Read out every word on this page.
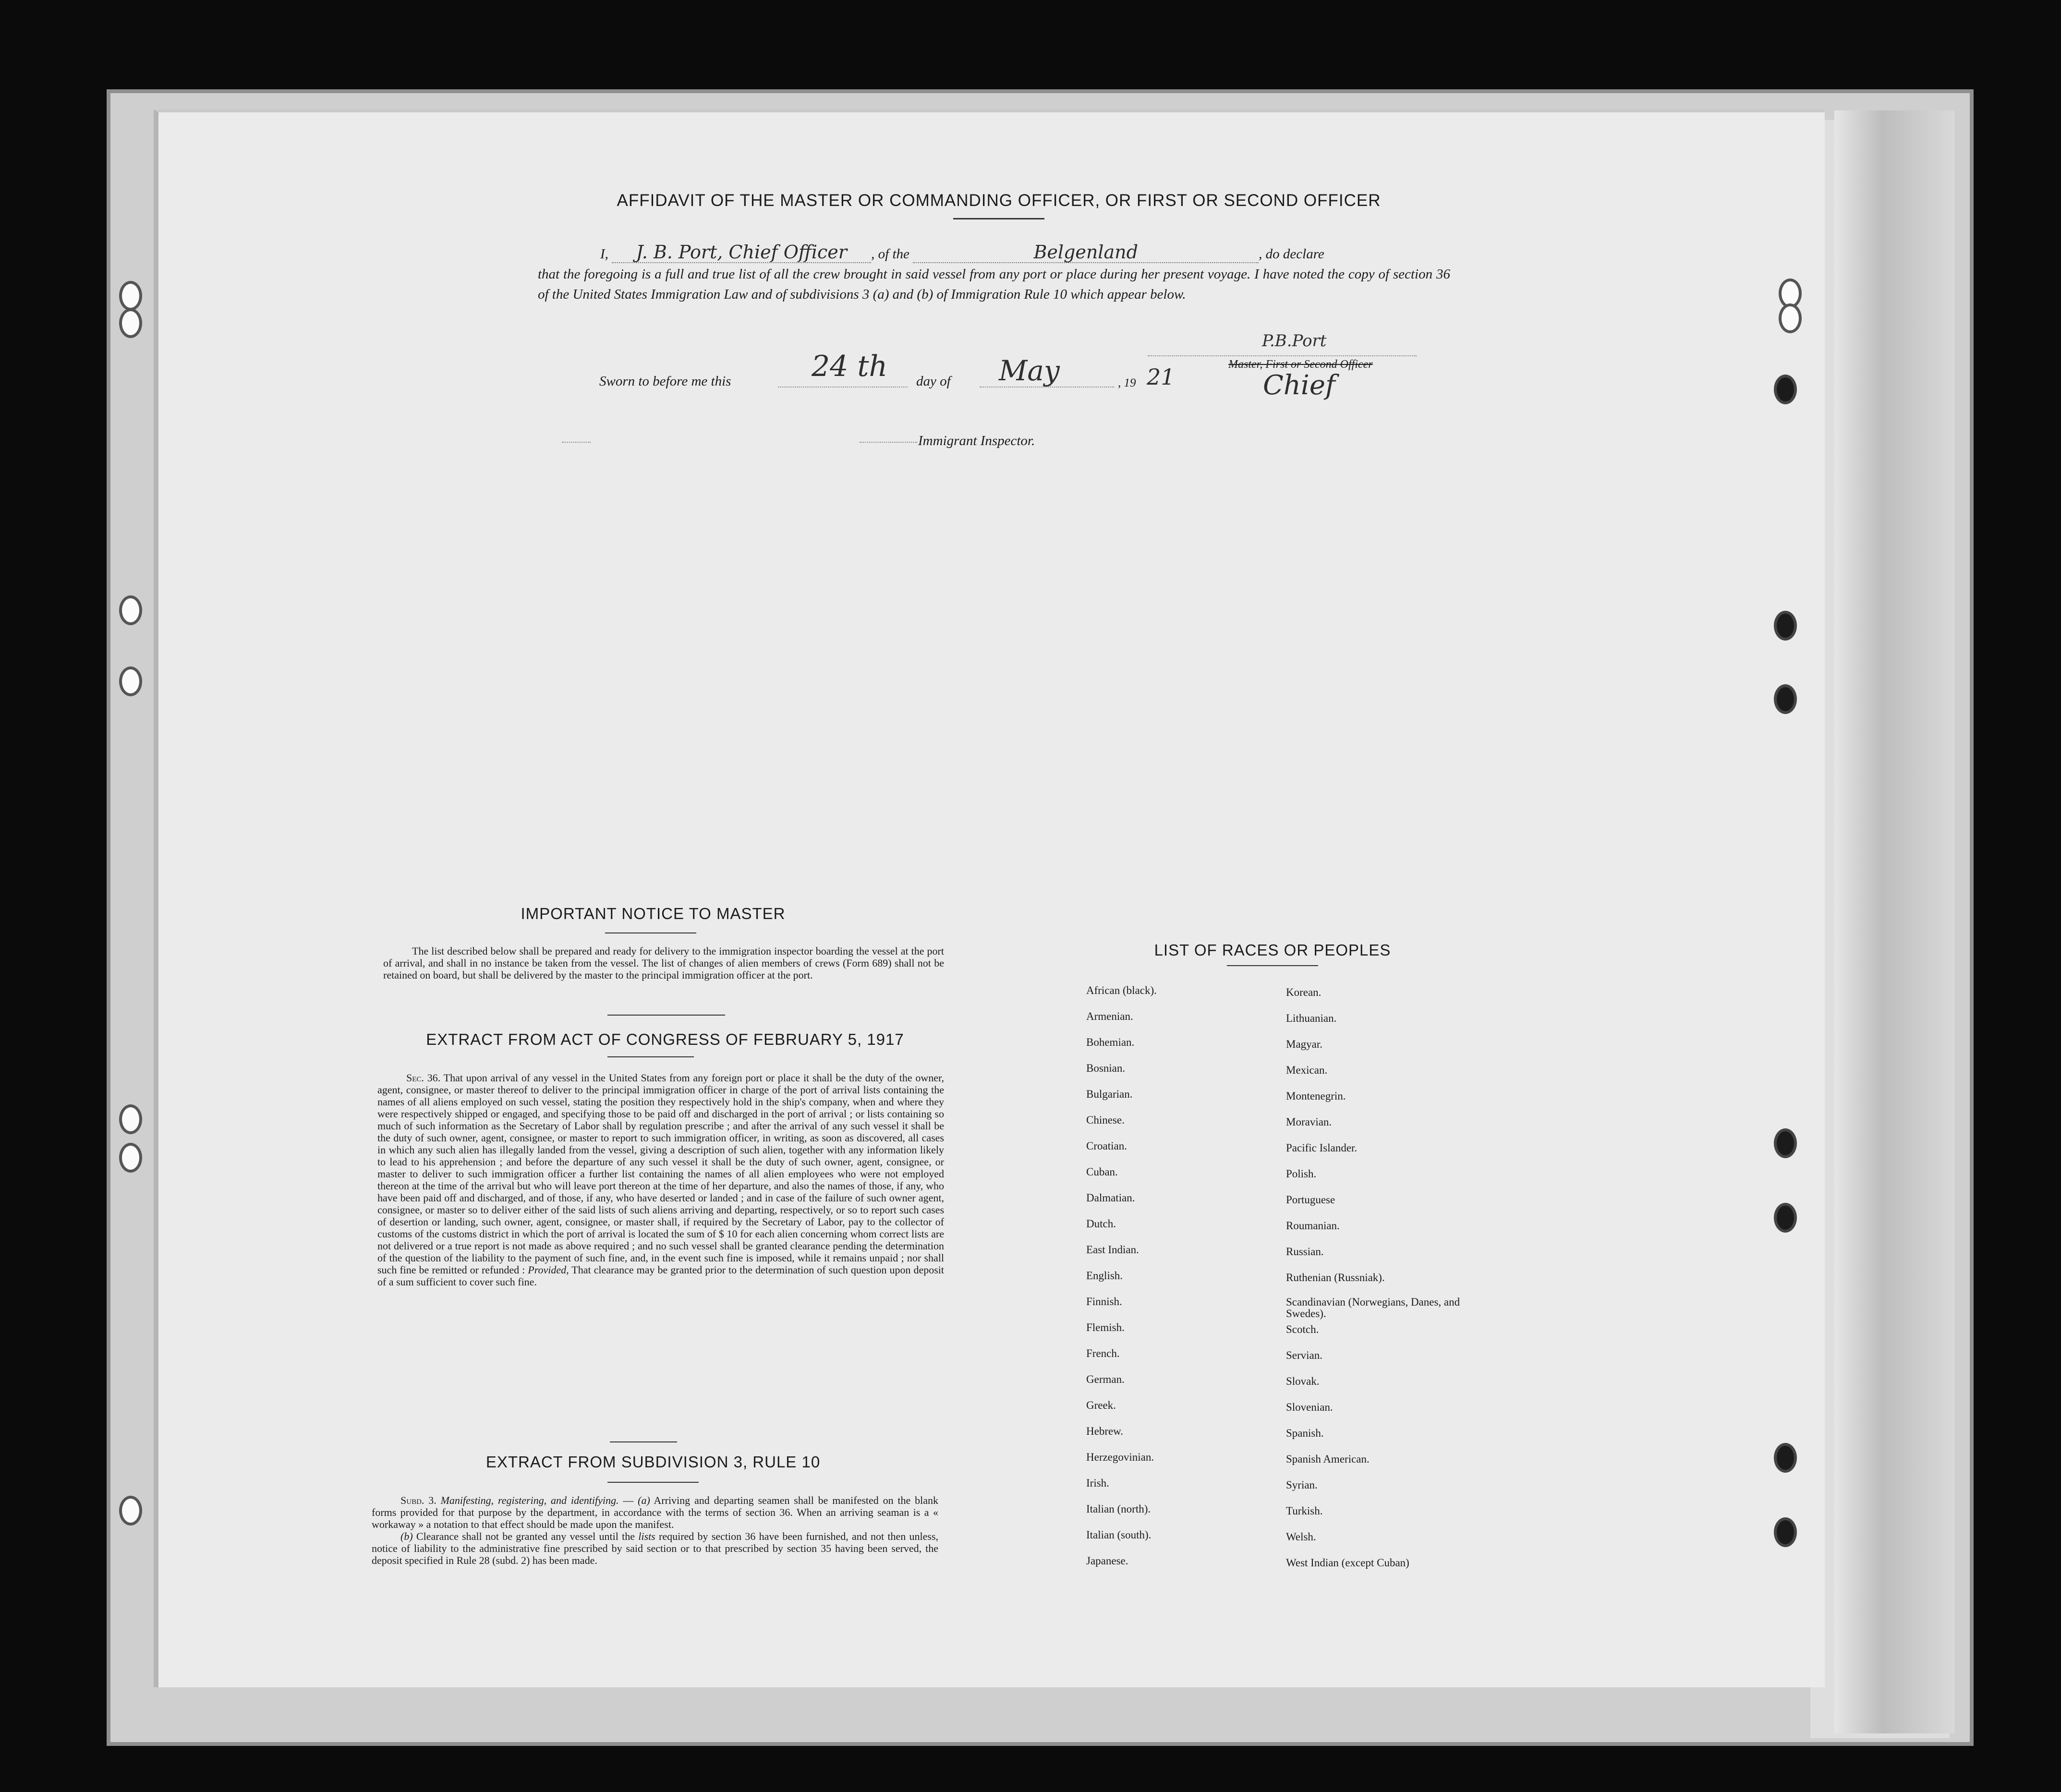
AFFIDAVIT OF THE MASTER OR COMMANDING OFFICER, OR FIRST OR SECOND OFFICER
I, J. B. Port, Chief Officer , of the	Belgenland	, do declare
that the foregoing is a full and true list of all the crew brought in said vessel from any port or place during her present voyage. I have noted the copy of section 36 of the United States Immigration Law and of subdivisions 3 (a) and (b) of Immigration Rule 10 which appear below.
Sworn to before me this	24 th day of May	, 19 21
P.B.Port
Master, First or Second Officer
Chief
Immigrant Inspector.
IMPORTANT NOTICE TO MASTER
The list described below shall be prepared and ready for delivery to the immigration inspector boarding the vessel at the port of arrival, and shall in no instance be taken from the vessel. The list of changes of alien members of crews (Form 689) shall not be retained on board, but shall be delivered by the master to the principal immigration officer at the port.
EXTRACT FROM ACT OF CONGRESS OF FEBRUARY 5, 1917
Sec. 36. That upon arrival of any vessel in the United States from any foreign port or place it shall be the duty of the owner, agent, consignee, or master thereof to deliver to the principal immigration officer in charge of the port of arrival lists containing the names of all aliens employed on such vessel, stating the position they respectively hold in the ship's company, when and where they were respectively shipped or engaged, and specifying those to be paid off and discharged in the port of arrival ; or lists containing so much of such information as the Secretary of Labor shall by regulation prescribe ; and after the arrival of any such vessel it shall be the duty of such owner, agent, consignee, or master to report to such immigration officer, in writing, as soon as discovered, all cases in which any such alien has illegally landed from the vessel, giving a description of such alien, together with any information likely to lead to his apprehension ; and before the departure of any such vessel it shall be the duty of such owner, agent, consignee, or master to deliver to such immigration officer a further list containing the names of all alien employees who were not employed thereon at the time of the arrival but who will leave port thereon at the time of her departure, and also the names of those, if any, who have been paid off and discharged, and of those, if any, who have deserted or landed ; and in case of the failure of such owner agent, consignee, or master so to deliver either of the said lists of such aliens arriving and departing, respectively, or so to report such cases of desertion or landing, such owner, agent, consignee, or master shall, if required by the Secretary of Labor, pay to the collector of customs of the customs district in which the port of arrival is located the sum of $ 10 for each alien concerning whom correct lists are not delivered or a true report is not made as above required ; and no such vessel shall be granted clearance pending the determination of the question of the liability to the payment of such fine, and, in the event such fine is imposed, while it remains unpaid ; nor shall such fine be remitted or refunded : Provided, That clearance may be granted prior to the determination of such question upon deposit of a sum sufficient to cover such fine.
EXTRACT FROM SUBDIVISION 3, RULE 10
Subd. 3. Manifesting, registering, and identifying. — (a) Arriving and departing seamen shall be manifested on the blank forms provided for that purpose by the department, in accordance with the terms of section 36. When an arriving seaman is a « workaway » a notation to that effect should be made upon the manifest.
(b) Clearance shall not be granted any vessel until the lists required by section 36 have been furnished, and not then unless, notice of liability to the administrative fine prescribed by said section or to that prescribed by section 35 having been served, the deposit specified in Rule 28 (subd. 2) has been made.
LIST OF RACES OR PEOPLES
African (black).
Armenian.
Bohemian.
Bosnian.
Bulgarian.
Chinese.
Croatian.
Cuban.
Dalmatian.
Dutch.
East Indian.
English.
Finnish.
Flemish.
French.
German.
Greek.
Hebrew.
Herzegovinian.
Irish.
Italian (north).
Italian (south).
Japanese.
Korean.
Lithuanian.
Magyar.
Mexican.
Montenegrin.
Moravian.
Pacific Islander.
Polish.
Portuguese
Roumanian.
Russian.
Ruthenian (Russniak).
Scandinavian (Norwegians, Danes, and Swedes).
Scotch.
Servian.
Slovak.
Slovenian.
Spanish.
Spanish American.
Syrian.
Turkish.
Welsh.
West Indian (except Cuban)
